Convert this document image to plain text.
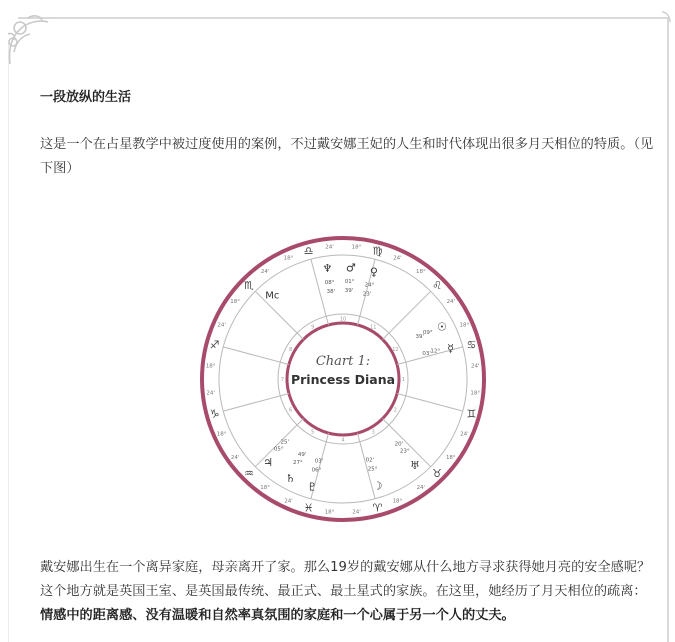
一段放纵的生活

这是一个在占星教学中被过度使用的案例，不过戴安娜王妃的人生和时代体现出很多月天相位的特质。（见下图）

♍
18°
24'
♌
18°
24'
♋
18°
24'
♊
18°
24'
♉
18°
24'
♈
18°
24'
♓ 18°
24'
♒
18°
24'
♑
18°
24'
♐
18°
24'
♏
18°
24'
♎
18°
24'
10
11
12
1
2
3
4
5
6
7
8
9
♆
08°
38'
♂
01°
39'
♀
24°
23'
☉
09°
39'
☿
12°
03'
♄
27°
49'
♃
05°
25'
☽
25°
02'	♅
23°
20'
♇
06°
03'
Mc
Chart 1:
Princess Diana

戴安娜出生在一个离异家庭，母亲离开了家。那么19岁的戴安娜从什么地方寻求获得她月亮的安全感呢？这个地方就是英国王室、是英国最传统、最正式、最土星式的家族。在这里，她经历了月天相位的疏离：情感中的距离感、没有温暖和自然率真氛围的家庭和一个心属于另一个人的丈夫。
